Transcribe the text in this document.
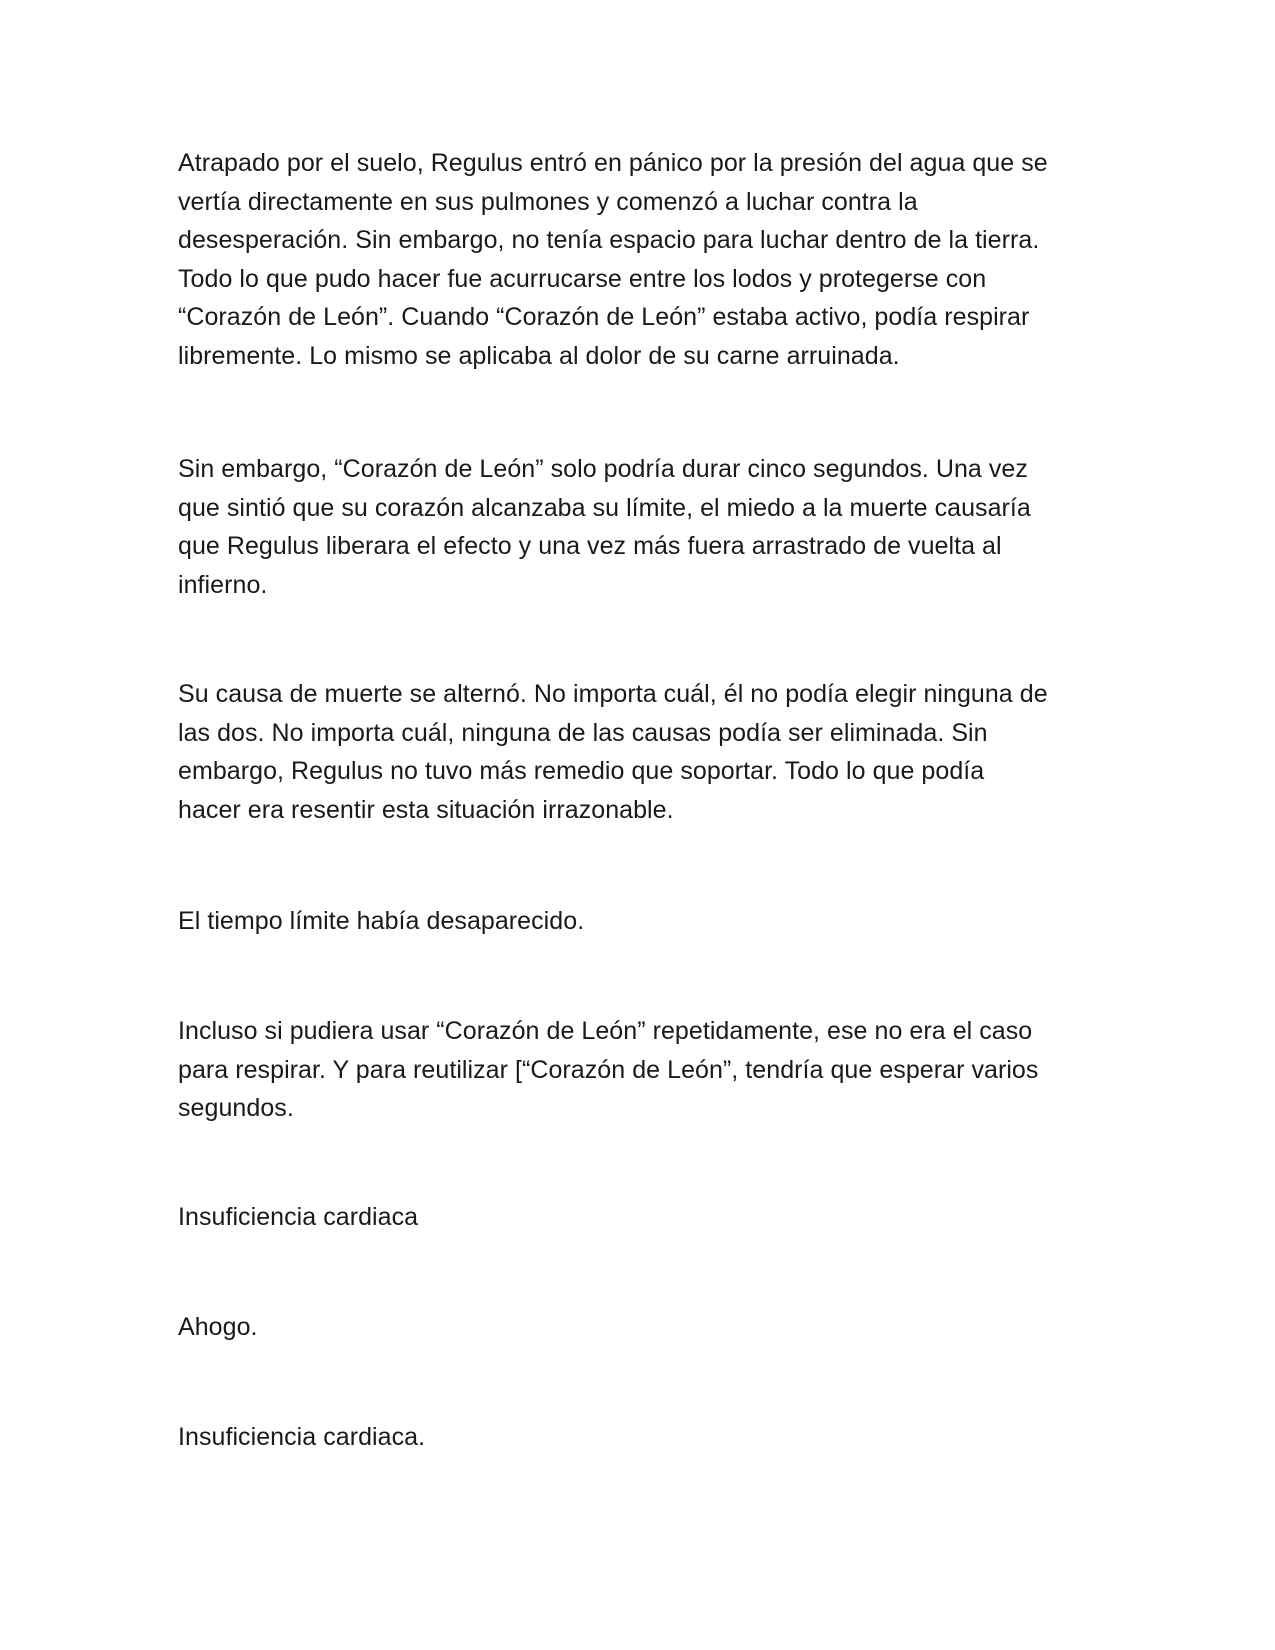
Atrapado por el suelo, Regulus entró en pánico por la presión del agua que se
vertía directamente en sus pulmones y comenzó a luchar contra la
desesperación. Sin embargo, no tenía espacio para luchar dentro de la tierra.
Todo lo que pudo hacer fue acurrucarse entre los lodos y protegerse con
“Corazón de León”. Cuando “Corazón de León” estaba activo, podía respirar
libremente. Lo mismo se aplicaba al dolor de su carne arruinada.

Sin embargo, “Corazón de León” solo podría durar cinco segundos. Una vez
que sintió que su corazón alcanzaba su límite, el miedo a la muerte causaría
que Regulus liberara el efecto y una vez más fuera arrastrado de vuelta al
infierno.

Su causa de muerte se alternó. No importa cuál, él no podía elegir ninguna de
las dos. No importa cuál, ninguna de las causas podía ser eliminada. Sin
embargo, Regulus no tuvo más remedio que soportar. Todo lo que podía
hacer era resentir esta situación irrazonable.

El tiempo límite había desaparecido.

Incluso si pudiera usar “Corazón de León” repetidamente, ese no era el caso
para respirar. Y para reutilizar [“Corazón de León”, tendría que esperar varios
segundos.

Insuficiencia cardiaca

Ahogo.

Insuficiencia cardiaca.
